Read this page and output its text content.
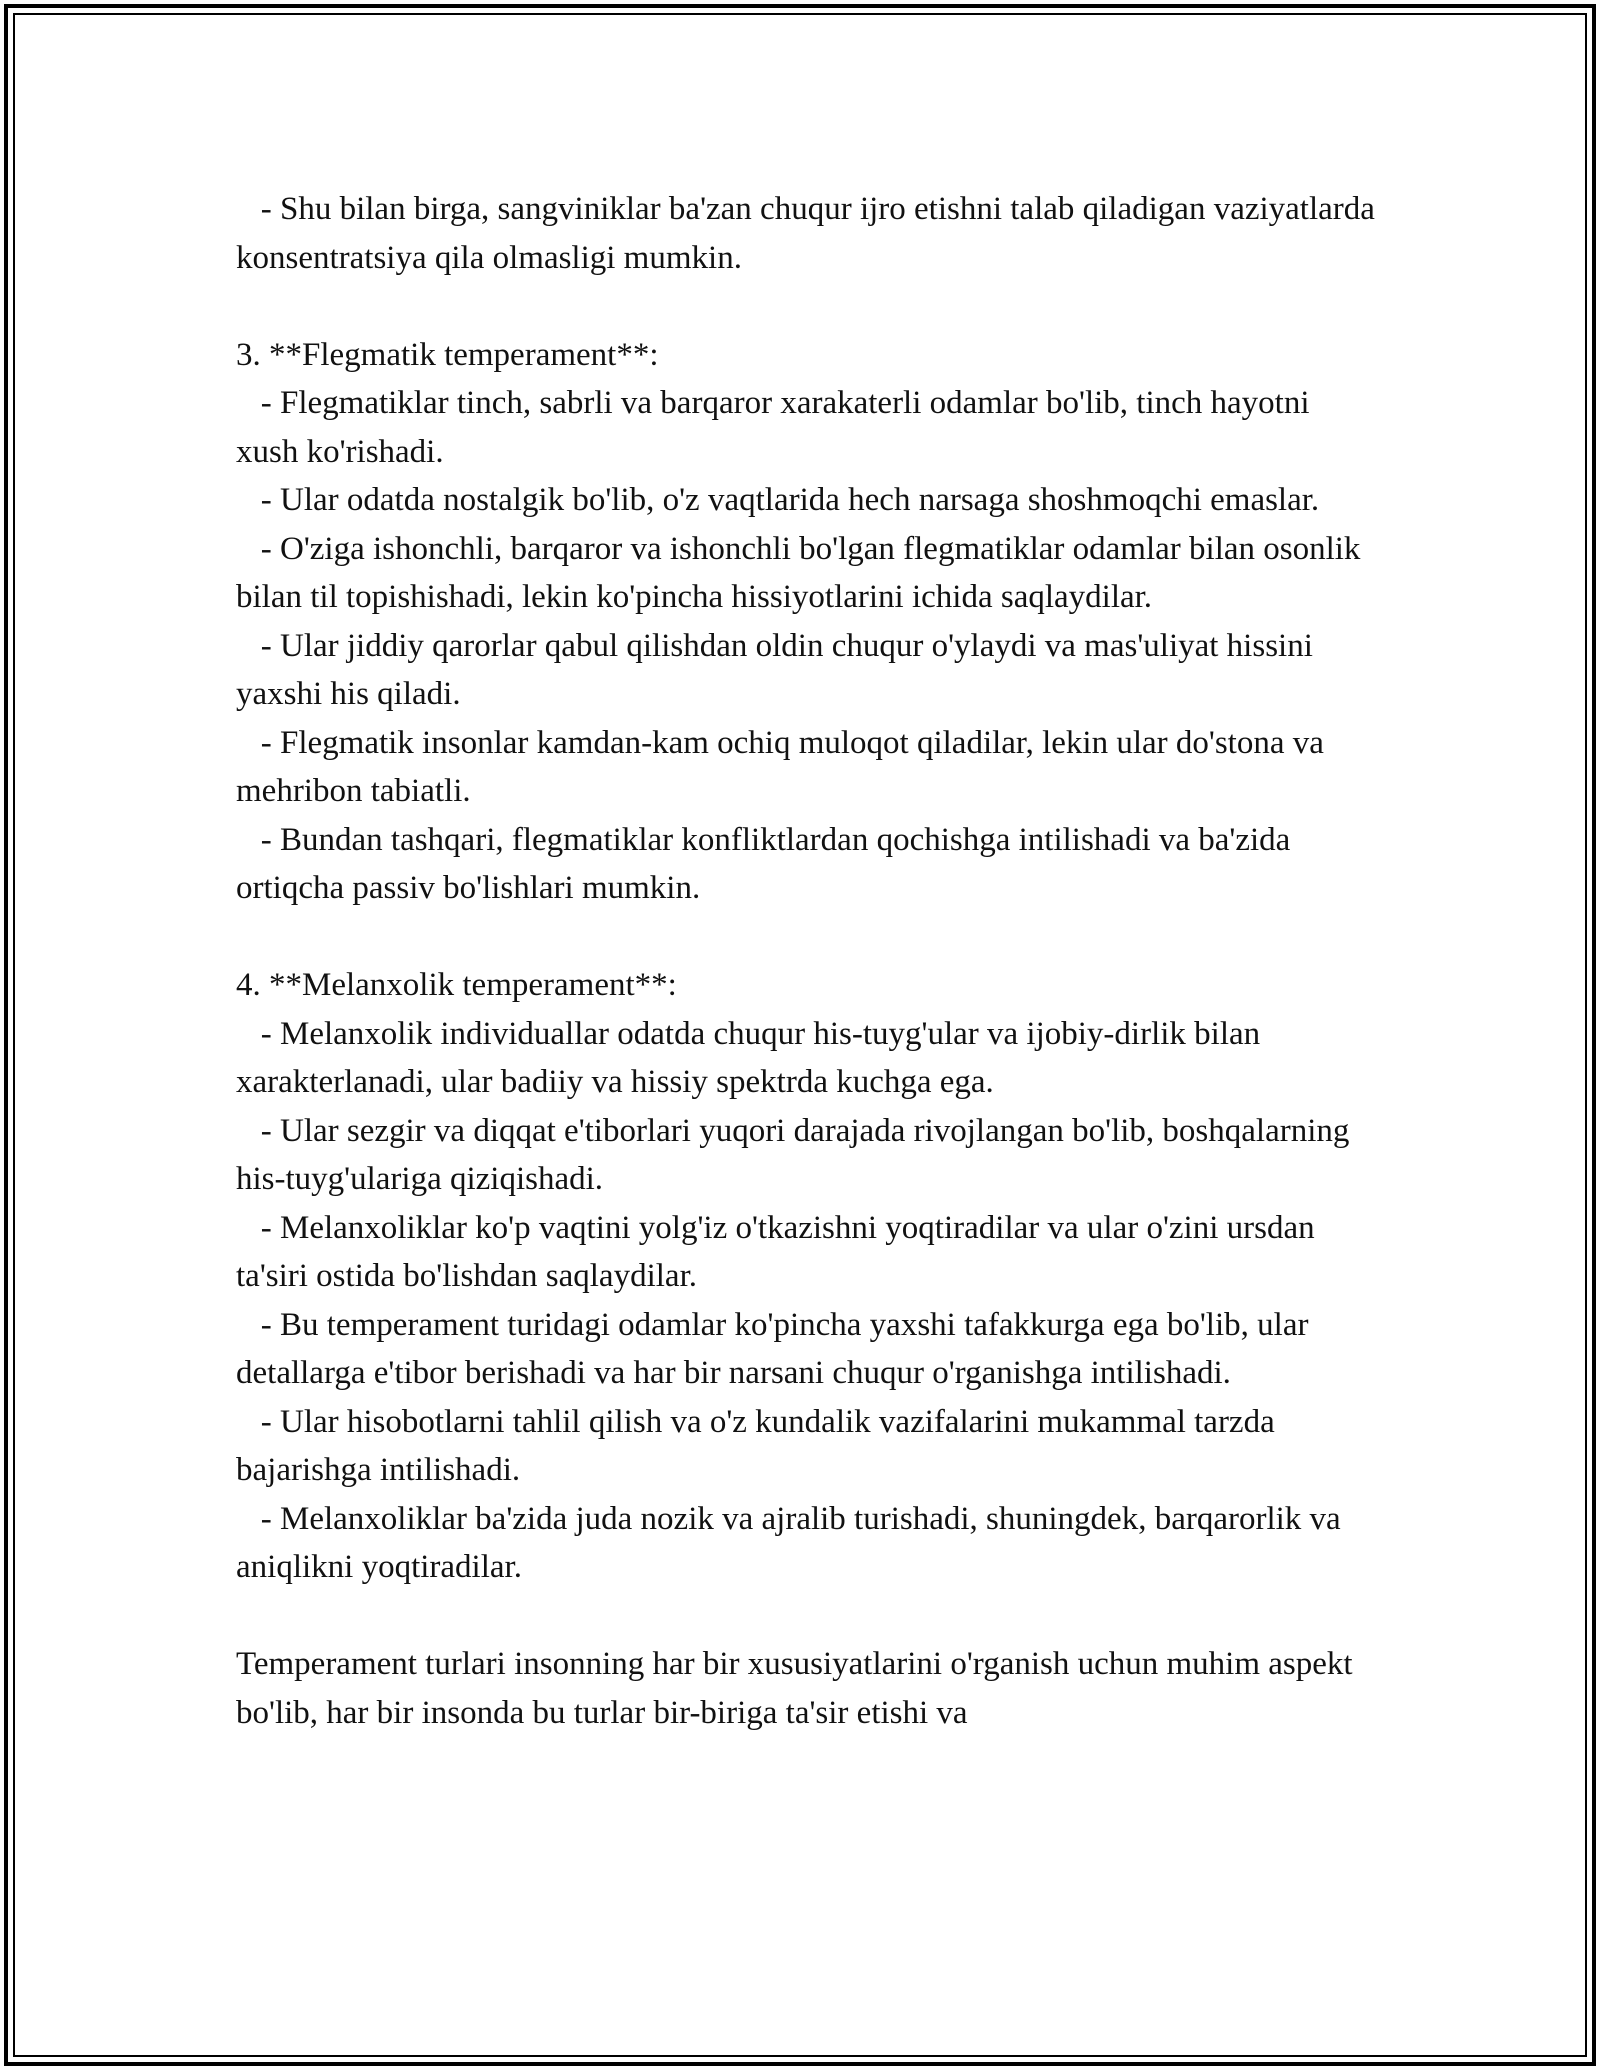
- Shu bilan birga, sangviniklar ba'zan chuqur ijro etishni talab qiladigan vaziyatlarda konsentratsiya qila olmasligi mumkin.

3. **Flegmatik temperament**:

- Flegmatiklar tinch, sabrli va barqaror xarakaterli odamlar bo'lib, tinch hayotni xush ko'rishadi.

- Ular odatda nostalgik bo'lib, o'z vaqtlarida hech narsaga shoshmoqchi emaslar.

- O'ziga ishonchli, barqaror va ishonchli bo'lgan flegmatiklar odamlar bilan osonlik bilan til topishishadi, lekin ko'pincha hissiyotlarini ichida saqlaydilar.

- Ular jiddiy qarorlar qabul qilishdan oldin chuqur o'ylaydi va mas'uliyat hissini yaxshi his qiladi.

- Flegmatik insonlar kamdan-kam ochiq muloqot qiladilar, lekin ular do'stona va mehribon tabiatli.

- Bundan tashqari, flegmatiklar konfliktlardan qochishga intilishadi va ba'zida ortiqcha passiv bo'lishlari mumkin.

4. **Melanxolik temperament**:

- Melanxolik individuallar odatda chuqur his-tuyg'ular va ijobiy-dirlik bilan xarakterlanadi, ular badiiy va hissiy spektrda kuchga ega.

- Ular sezgir va diqqat e'tiborlari yuqori darajada rivojlangan bo'lib, boshqalarning his-tuyg'ulariga qiziqishadi.

- Melanxoliklar ko'p vaqtini yolg'iz o'tkazishni yoqtiradilar va ular o'zini ursdan ta'siri ostida bo'lishdan saqlaydilar.

- Bu temperament turidagi odamlar ko'pincha yaxshi tafakkurga ega bo'lib, ular detallarga e'tibor berishadi va har bir narsani chuqur o'rganishga intilishadi.

- Ular hisobotlarni tahlil qilish va o'z kundalik vazifalarini mukammal tarzda bajarishga intilishadi.

- Melanxoliklar ba'zida juda nozik va ajralib turishadi, shuningdek, barqarorlik va aniqlikni yoqtiradilar.

Temperament turlari insonning har bir xususiyatlarini o'rganish uchun muhim aspekt bo'lib, har bir insonda bu turlar bir-biriga ta'sir etishi va
